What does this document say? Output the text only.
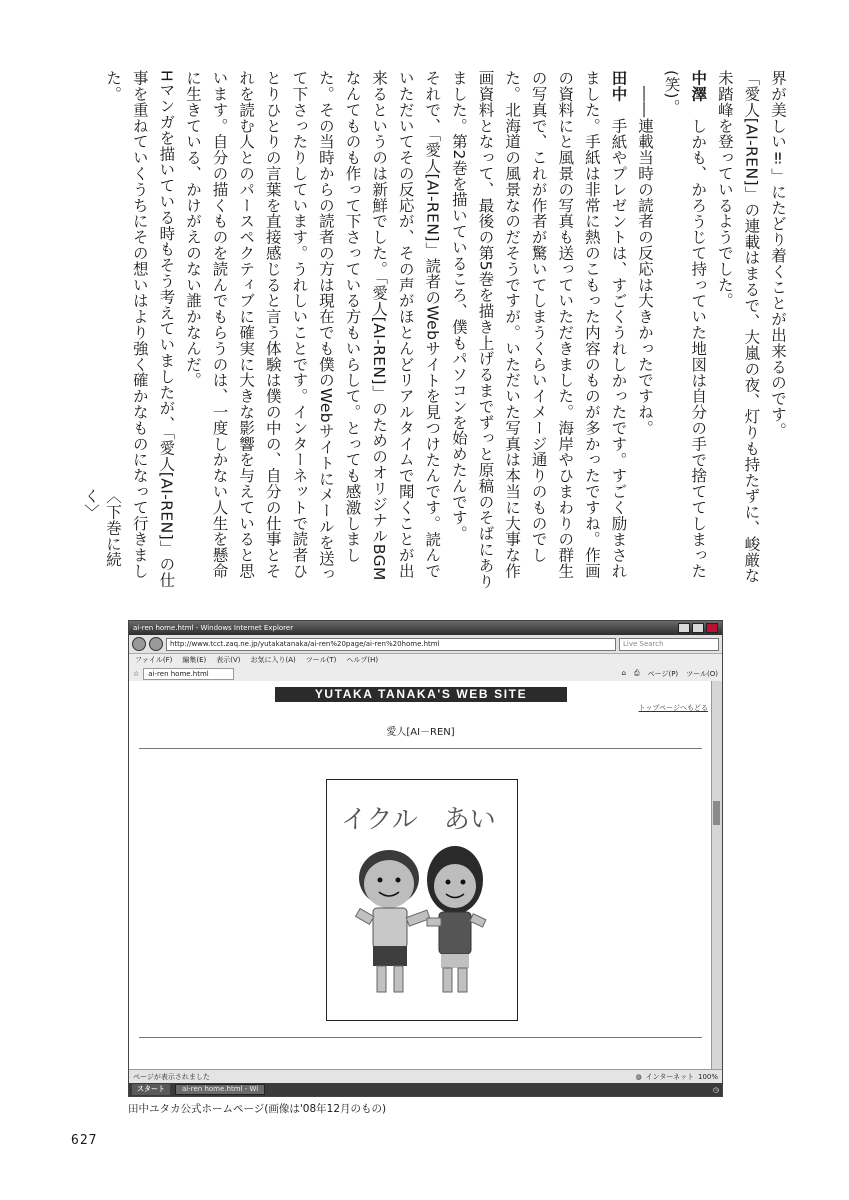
界が美しい‼」にたどり着くことが出来るのです。

「愛人[AI-REN]」の連載はまるで、大嵐の夜、灯りも持たずに、峻厳な未踏峰を登っているようでした。

中澤　しかも、かろうじて持っていた地図は自分の手で捨ててしまった(笑)。

　――連載当時の読者の反応は大きかったですね。

田中　手紙やプレゼントは、すごくうれしかったです。すごく励まされました。手紙は非常に熱のこもった内容のものが多かったですね。作画の資料にと風景の写真も送っていただきました。海岸やひまわりの群生の写真で、これが作者が驚いてしまうくらいイメージ通りのものでした。北海道の風景なのだそうですが。いただいた写真は本当に大事な作画資料となって、最後の第5巻を描き上げるまでずっと原稿のそばにありました。第2巻を描いているころ、僕もパソコンを始めたんです。

それで、「愛人[AI-REN]」読者のWebサイトを見つけたんです。読んでいただいてその反応が、その声がほとんどリアルタイムで聞くことが出来るというのは新鮮でした。「愛人[AI-REN]」のためのオリジナルBGMなんてものも作って下さっている方もいらして。とっても感激しました。その当時からの読者の方は現在でも僕のWebサイトにメールを送って下さったりしています。うれしいことです。インターネットで読者ひとりひとりの言葉を直接感じると言う体験は僕の中の、自分の仕事とそれを読む人とのパースペクティブに確実に大きな影響を与えていると思います。自分の描くものを読んでもらうのは、一度しかない人生を懸命に生きている、かけがえのない誰かなんだ。

Hマンガを描いている時もそう考えていましたが、「愛人[AI-REN]」の仕事を重ねていくうちにその想いはより強く確かなものになって行きました。

〈下巻に続く〉
ai-ren home.html - Windows Internet Explorer
http://www.tcct.zaq.ne.jp/yutakatanaka/ai-ren%20page/ai-ren%20home.html	Live Search
ファイル(F) 編集(E) 表示(V) お気に入り(A) ツール(T) ヘルプ(H)
☆	ai-ren home.html	⌂ ⎙ ページ(P) ツール(O)
YUTAKA TANAKA'S WEB SITE
トップページへもどる
愛人[AI－REN]
イクル　あい
ページが表示されました	◍ インターネット 100%
スタート	ai-ren home.html - Wi	◷
田中ユタカ公式ホームページ(画像は'08年12月のもの)
627
